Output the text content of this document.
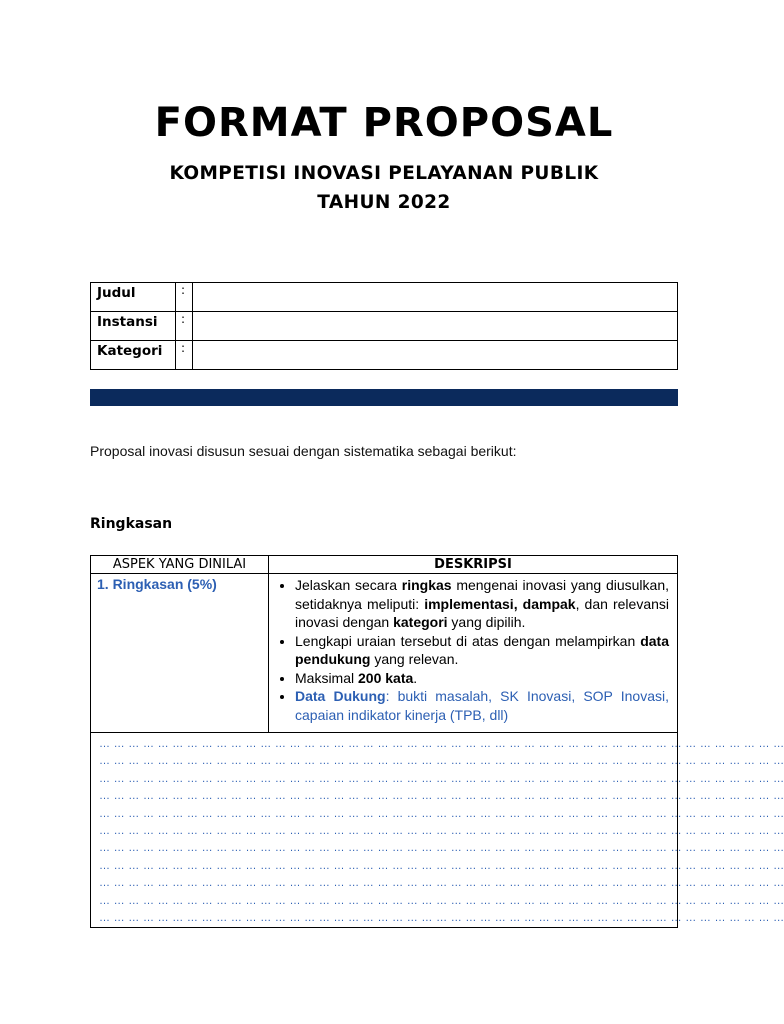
FORMAT PROPOSAL
KOMPETISI INOVASI PELAYANAN PUBLIK
TAHUN 2022
Judul	:	
Instansi	:	
Kategori	:	
Proposal inovasi disusun sesuai dengan sistematika sebagai berikut:
Ringkasan
ASPEK YANG DINILAI	DESKRIPSI
1. Ringkasan (5%)	• Jelaskan secara ringkas mengenai inovasi yang diusulkan, setidaknya meliputi: implementasi, dampak, dan relevansi inovasi dengan kategori yang dipilih.
• Lengkapi uraian tersebut di atas dengan melampirkan data pendukung yang relevan.
• Maksimal 200 kata.
• Data Dukung: bukti masalah, SK Inovasi, SOP Inovasi, capaian indikator kinerja (TPB, dll)
… … … … … … … … … … … … … … … … … … … … … … … … … … … … … … … … … … … … … … … … … … … … … … …
… … … … … … … … … … … … … … … … … … … … … … … … … … … … … … … … … … … … … … … … … … … … … … …
… … … … … … … … … … … … … … … … … … … … … … … … … … … … … … … … … … … … … … … … … … … … … … …
… … … … … … … … … … … … … … … … … … … … … … … … … … … … … … … … … … … … … … … … … … … … … … …
… … … … … … … … … … … … … … … … … … … … … … … … … … … … … … … … … … … … … … … … … … … … … … …
… … … … … … … … … … … … … … … … … … … … … … … … … … … … … … … … … … … … … … … … … … … … … … …
… … … … … … … … … … … … … … … … … … … … … … … … … … … … … … … … … … … … … … … … … … … … … … …
… … … … … … … … … … … … … … … … … … … … … … … … … … … … … … … … … … … … … … … … … … … … … … …
… … … … … … … … … … … … … … … … … … … … … … … … … … … … … … … … … … … … … … … … … … … … … … …
… … … … … … … … … … … … … … … … … … … … … … … … … … … … … … … … … … … … … … … … … … … … … … …
… … … … … … … … … … … … … … … … … … … … … … … … … … … … … … … … … … … … … … … … … … … … … … …
